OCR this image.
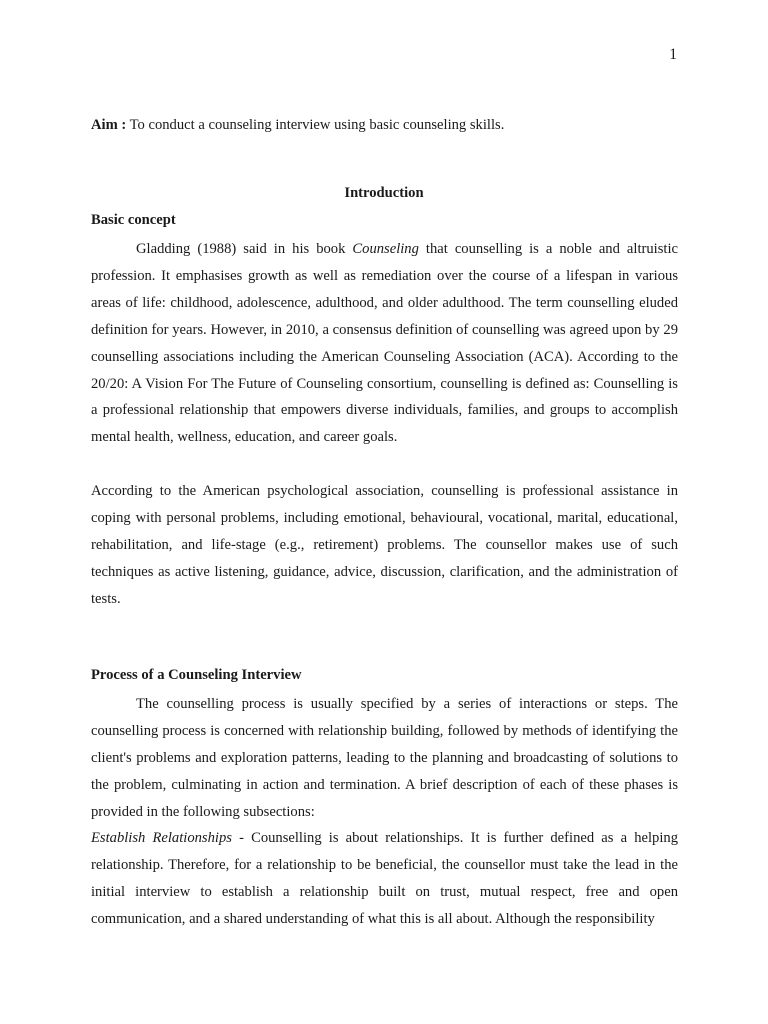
1
Aim : To conduct a counseling interview using basic counseling skills.
Introduction
Basic concept

Gladding (1988) said in his book Counseling that counselling is a noble and altruistic profession. It emphasises growth as well as remediation over the course of a lifespan in various areas of life: childhood, adolescence, adulthood, and older adulthood. The term counselling eluded definition for years. However, in 2010, a consensus definition of counselling was agreed upon by 29 counselling associations including the American Counseling Association (ACA). According to the 20/20: A Vision For The Future of Counseling consortium, counselling is defined as: Counselling is a professional relationship that empowers diverse individuals, families, and groups to accomplish mental health, wellness, education, and career goals.

According to the American psychological association, counselling is professional assistance in coping with personal problems, including emotional, behavioural, vocational, marital, educational, rehabilitation, and life-stage (e.g., retirement) problems. The counsellor makes use of such techniques as active listening, guidance, advice, discussion, clarification, and the administration of tests.

Process of a Counseling Interview

The counselling process is usually specified by a series of interactions or steps. The counselling process is concerned with relationship building, followed by methods of identifying the client's problems and exploration patterns, leading to the planning and broadcasting of solutions to the problem, culminating in action and termination. A brief description of each of these phases is provided in the following subsections:

Establish Relationships - Counselling is about relationships. It is further defined as a helping relationship. Therefore, for a relationship to be beneficial, the counsellor must take the lead in the initial interview to establish a relationship built on trust, mutual respect, free and open communication, and a shared understanding of what this is all about. Although the responsibility
